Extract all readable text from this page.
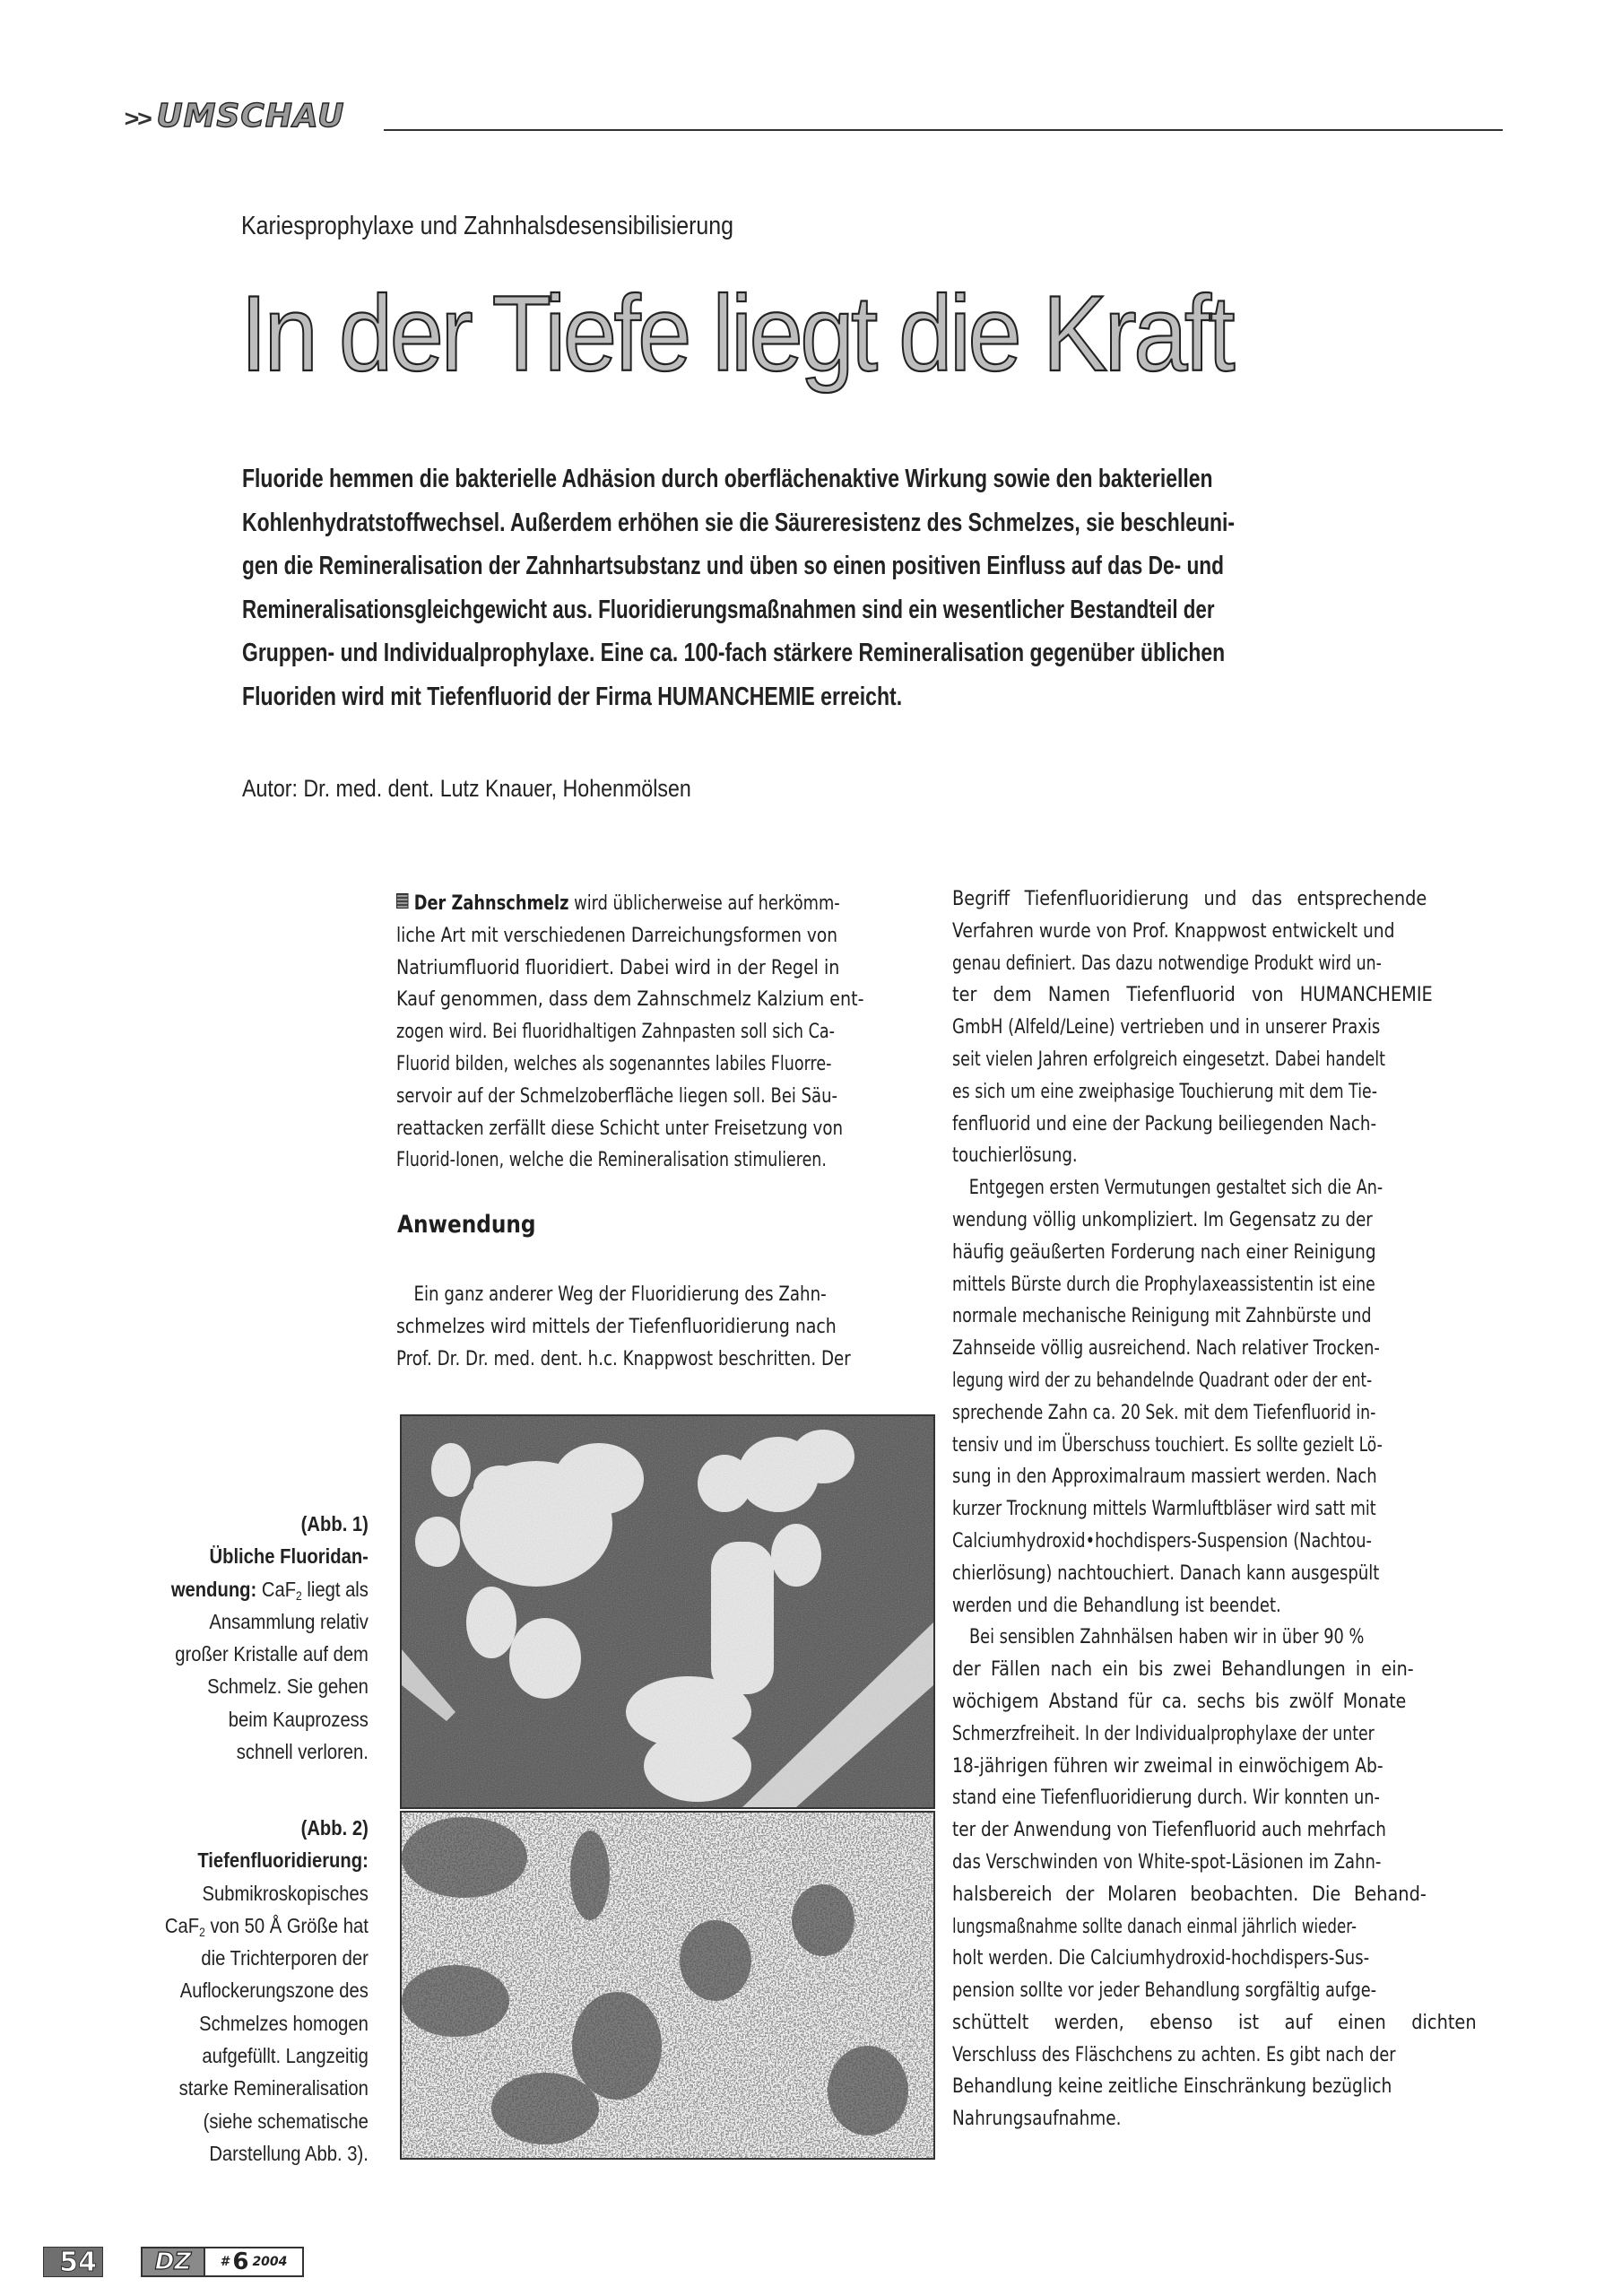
>> UMSCHAU
Kariesprophylaxe und Zahnhalsdesensibilisierung
In der Tiefe liegt die Kraft
Fluoride hemmen die bakterielle Adhäsion durch oberflächenaktive Wirkung sowie den bakteriellen
Kohlenhydratstoffwechsel. Außerdem erhöhen sie die Säureresistenz des Schmelzes, sie beschleuni-
gen die Remineralisation der Zahnhartsubstanz und üben so einen positiven Einfluss auf das De- und
Remineralisationsgleichgewicht aus. Fluoridierungsmaßnahmen sind ein wesentlicher Bestandteil der
Gruppen- und Individualprophylaxe. Eine ca. 100-fach stärkere Remineralisation gegenüber üblichen
Fluoriden wird mit Tiefenfluorid der Firma HUMANCHEMIE erreicht.
Autor: Dr. med. dent. Lutz Knauer, Hohenmölsen
Der Zahnschmelz wird üblicherweise auf herkömm-
liche Art mit verschiedenen Darreichungsformen von
Natriumfluorid fluoridiert. Dabei wird in der Regel in
Kauf genommen, dass dem Zahnschmelz Kalzium ent-
zogen wird. Bei fluoridhaltigen Zahnpasten soll sich Ca-
Fluorid bilden, welches als sogenanntes labiles Fluorre-
servoir auf der Schmelzoberfläche liegen soll. Bei Säu-
reattacken zerfällt diese Schicht unter Freisetzung von
Fluorid-Ionen, welche die Remineralisation stimulieren.
Anwendung
Ein ganz anderer Weg der Fluoridierung des Zahn-
schmelzes wird mittels der Tiefenfluoridierung nach
Prof. Dr. Dr. med. dent. h.c. Knappwost beschritten. Der
(Abb. 1)
Übliche Fluoridan-
wendung: CaF$_2$ liegt als
Ansammlung relativ
großer Kristalle auf dem
Schmelz. Sie gehen
beim Kauprozess
schnell verloren.
(Abb. 2)
Tiefenfluoridierung:
Submikroskopisches
CaF$_2$ von 50 Å Größe hat
die Trichterporen der
Auflockerungszone des
Schmelzes homogen
aufgefüllt. Langzeitig
starke Remineralisation
(siehe schematische
Darstellung Abb. 3).
Begriff Tiefenfluoridierung und das entsprechende
Verfahren wurde von Prof. Knappwost entwickelt und
genau definiert. Das dazu notwendige Produkt wird un-
ter dem Namen Tiefenfluorid von HUMANCHEMIE
GmbH (Alfeld/Leine) vertrieben und in unserer Praxis
seit vielen Jahren erfolgreich eingesetzt. Dabei handelt
es sich um eine zweiphasige Touchierung mit dem Tie-
fenfluorid und eine der Packung beiliegenden Nach-
touchierlösung.
Entgegen ersten Vermutungen gestaltet sich die An-
wendung völlig unkompliziert. Im Gegensatz zu der
häufig geäußerten Forderung nach einer Reinigung
mittels Bürste durch die Prophylaxeassistentin ist eine
normale mechanische Reinigung mit Zahnbürste und
Zahnseide völlig ausreichend. Nach relativer Trocken-
legung wird der zu behandelnde Quadrant oder der ent-
sprechende Zahn ca. 20 Sek. mit dem Tiefenfluorid in-
tensiv und im Überschuss touchiert. Es sollte gezielt Lö-
sung in den Approximalraum massiert werden. Nach
kurzer Trocknung mittels Warmluftbläser wird satt mit
Calciumhydroxid•hochdispers-Suspension (Nachtou-
chierlösung) nachtouchiert. Danach kann ausgespült
werden und die Behandlung ist beendet.
Bei sensiblen Zahnhälsen haben wir in über 90 %
der Fällen nach ein bis zwei Behandlungen in ein-
wöchigem Abstand für ca. sechs bis zwölf Monate
Schmerzfreiheit. In der Individualprophylaxe der unter
18-jährigen führen wir zweimal in einwöchigem Ab-
stand eine Tiefenfluoridierung durch. Wir konnten un-
ter der Anwendung von Tiefenfluorid auch mehrfach
das Verschwinden von White-spot-Läsionen im Zahn-
halsbereich der Molaren beobachten. Die Behand-
lungsmaßnahme sollte danach einmal jährlich wieder-
holt werden. Die Calciumhydroxid-hochdispers-Sus-
pension sollte vor jeder Behandlung sorgfältig aufge-
schüttelt werden, ebenso ist auf einen dichten
Verschluss des Fläschchens zu achten. Es gibt nach der
Behandlung keine zeitliche Einschränkung bezüglich
Nahrungsaufnahme.
54	DZ	# 6 2004
